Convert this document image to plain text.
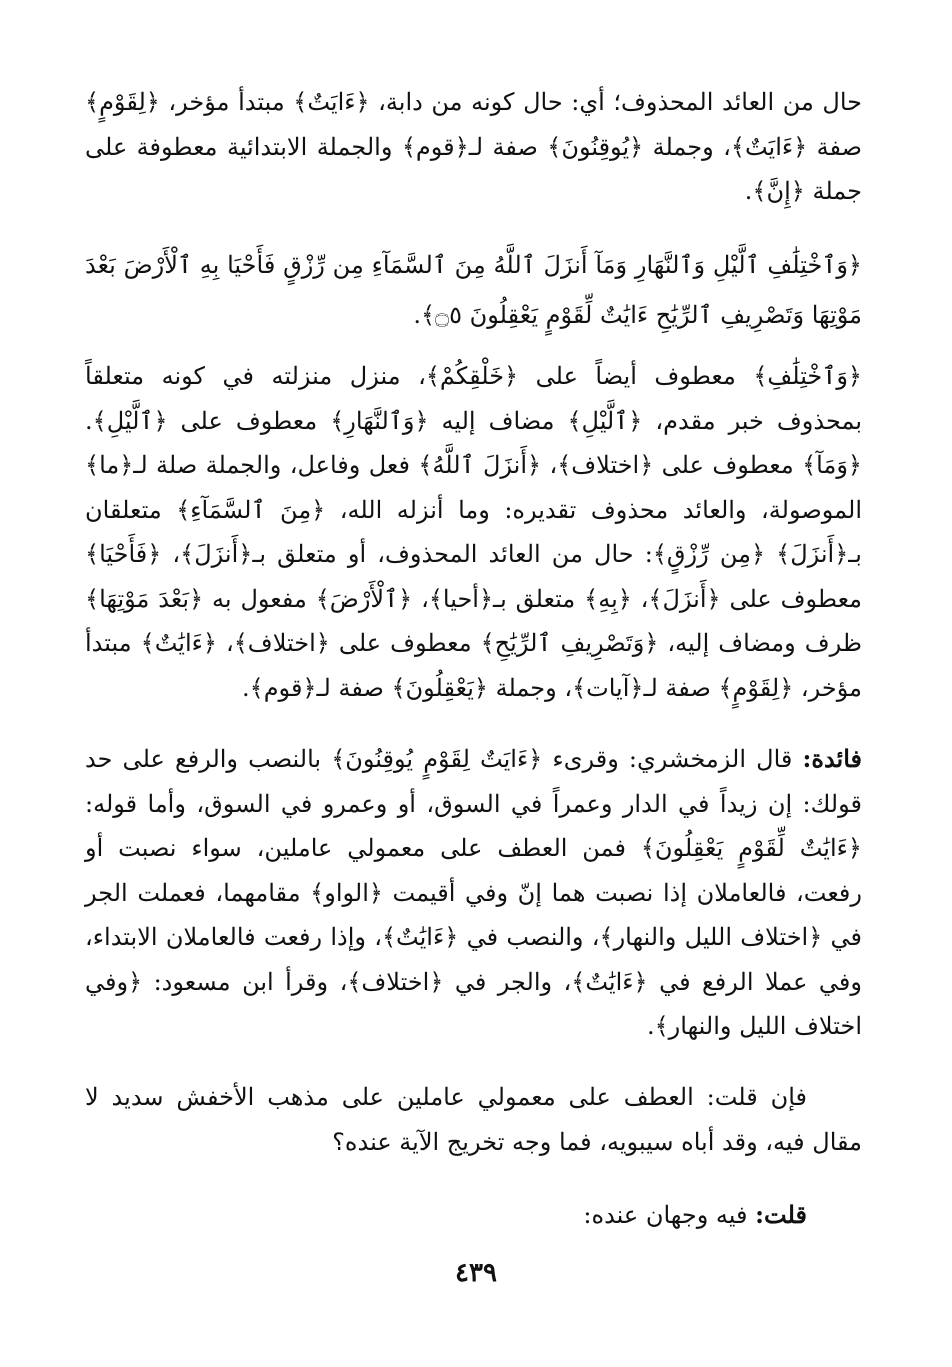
حال من العائد المحذوف؛ أي: حال كونه من دابة، ﴿ءَايَتٌ﴾ مبتدأ مؤخر، ﴿لِقَوْمٍ﴾ صفة ﴿ءَايَتٌ﴾، وجملة ﴿يُوقِنُونَ﴾ صفة لـ﴿قوم﴾ والجملة الابتدائية معطوفة على جملة ﴿إِنَّ﴾.

﴿وَٱخْتِلَٰفِ ٱلَّيْلِ وَٱلنَّهَارِ وَمَآ أَنزَلَ ٱللَّهُ مِنَ ٱلسَّمَآءِ مِن رِّزْقٍ فَأَحْيَا بِهِ ٱلْأَرْضَ بَعْدَ مَوْتِهَا وَتَصْرِيفِ ٱلرِّيَٰحِ ءَايَٰتٌ لِّقَوْمٍ يَعْقِلُونَ ۝٥﴾.

﴿وَٱخْتِلَٰفِ﴾ معطوف أيضاً على ﴿خَلْقِكُمْ﴾، منزل منزلته في كونه متعلقاً بمحذوف خبر مقدم، ﴿ٱلَّيْلِ﴾ مضاف إليه ﴿وَٱلنَّهَارِ﴾ معطوف على ﴿ٱلَّيْلِ﴾. ﴿وَمَآ﴾ معطوف على ﴿اختلاف﴾، ﴿أَنزَلَ ٱللَّهُ﴾ فعل وفاعل، والجملة صلة لـ﴿ما﴾ الموصولة، والعائد محذوف تقديره: وما أنزله الله، ﴿مِنَ ٱلسَّمَآءِ﴾ متعلقان بـ﴿أَنزَلَ﴾ ﴿مِن رِّزْقٍ﴾: حال من العائد المحذوف، أو متعلق بـ﴿أَنزَلَ﴾، ﴿فَأَحْيَا﴾ معطوف على ﴿أَنزَلَ﴾، ﴿بِهِ﴾ متعلق بـ﴿أحيا﴾، ﴿ٱلْأَرْضَ﴾ مفعول به ﴿بَعْدَ مَوْتِهَا﴾ ظرف ومضاف إليه، ﴿وَتَصْرِيفِ ٱلرِّيَٰحِ﴾ معطوف على ﴿اختلاف﴾، ﴿ءَايَٰتٌ﴾ مبتدأ مؤخر، ﴿لِقَوْمٍ﴾ صفة لـ﴿آيات﴾، وجملة ﴿يَعْقِلُونَ﴾ صفة لـ﴿قوم﴾.

فائدة: قال الزمخشري: وقرىء ﴿ءَايَتٌ لِقَوْمٍ يُوقِنُونَ﴾ بالنصب والرفع على حد قولك: إن زيداً في الدار وعمراً في السوق، أو وعمرو في السوق، وأما قوله: ﴿ءَايَٰتٌ لِّقَوْمٍ يَعْقِلُونَ﴾ فمن العطف على معمولي عاملين، سواء نصبت أو رفعت، فالعاملان إذا نصبت هما إنّ وفي أقيمت ﴿الواو﴾ مقامهما، فعملت الجر في ﴿اختلاف الليل والنهار﴾، والنصب في ﴿ءَايَٰتٌ﴾، وإذا رفعت فالعاملان الابتداء، وفي عملا الرفع في ﴿ءَايَٰتٌ﴾، والجر في ﴿اختلاف﴾، وقرأ ابن مسعود: ﴿وفي اختلاف الليل والنهار﴾.

فإن قلت: العطف على معمولي عاملين على مذهب الأخفش سديد لا مقال فيه، وقد أباه سيبويه، فما وجه تخريج الآية عنده؟

قلت: فيه وجهان عنده:

٤٣٩
